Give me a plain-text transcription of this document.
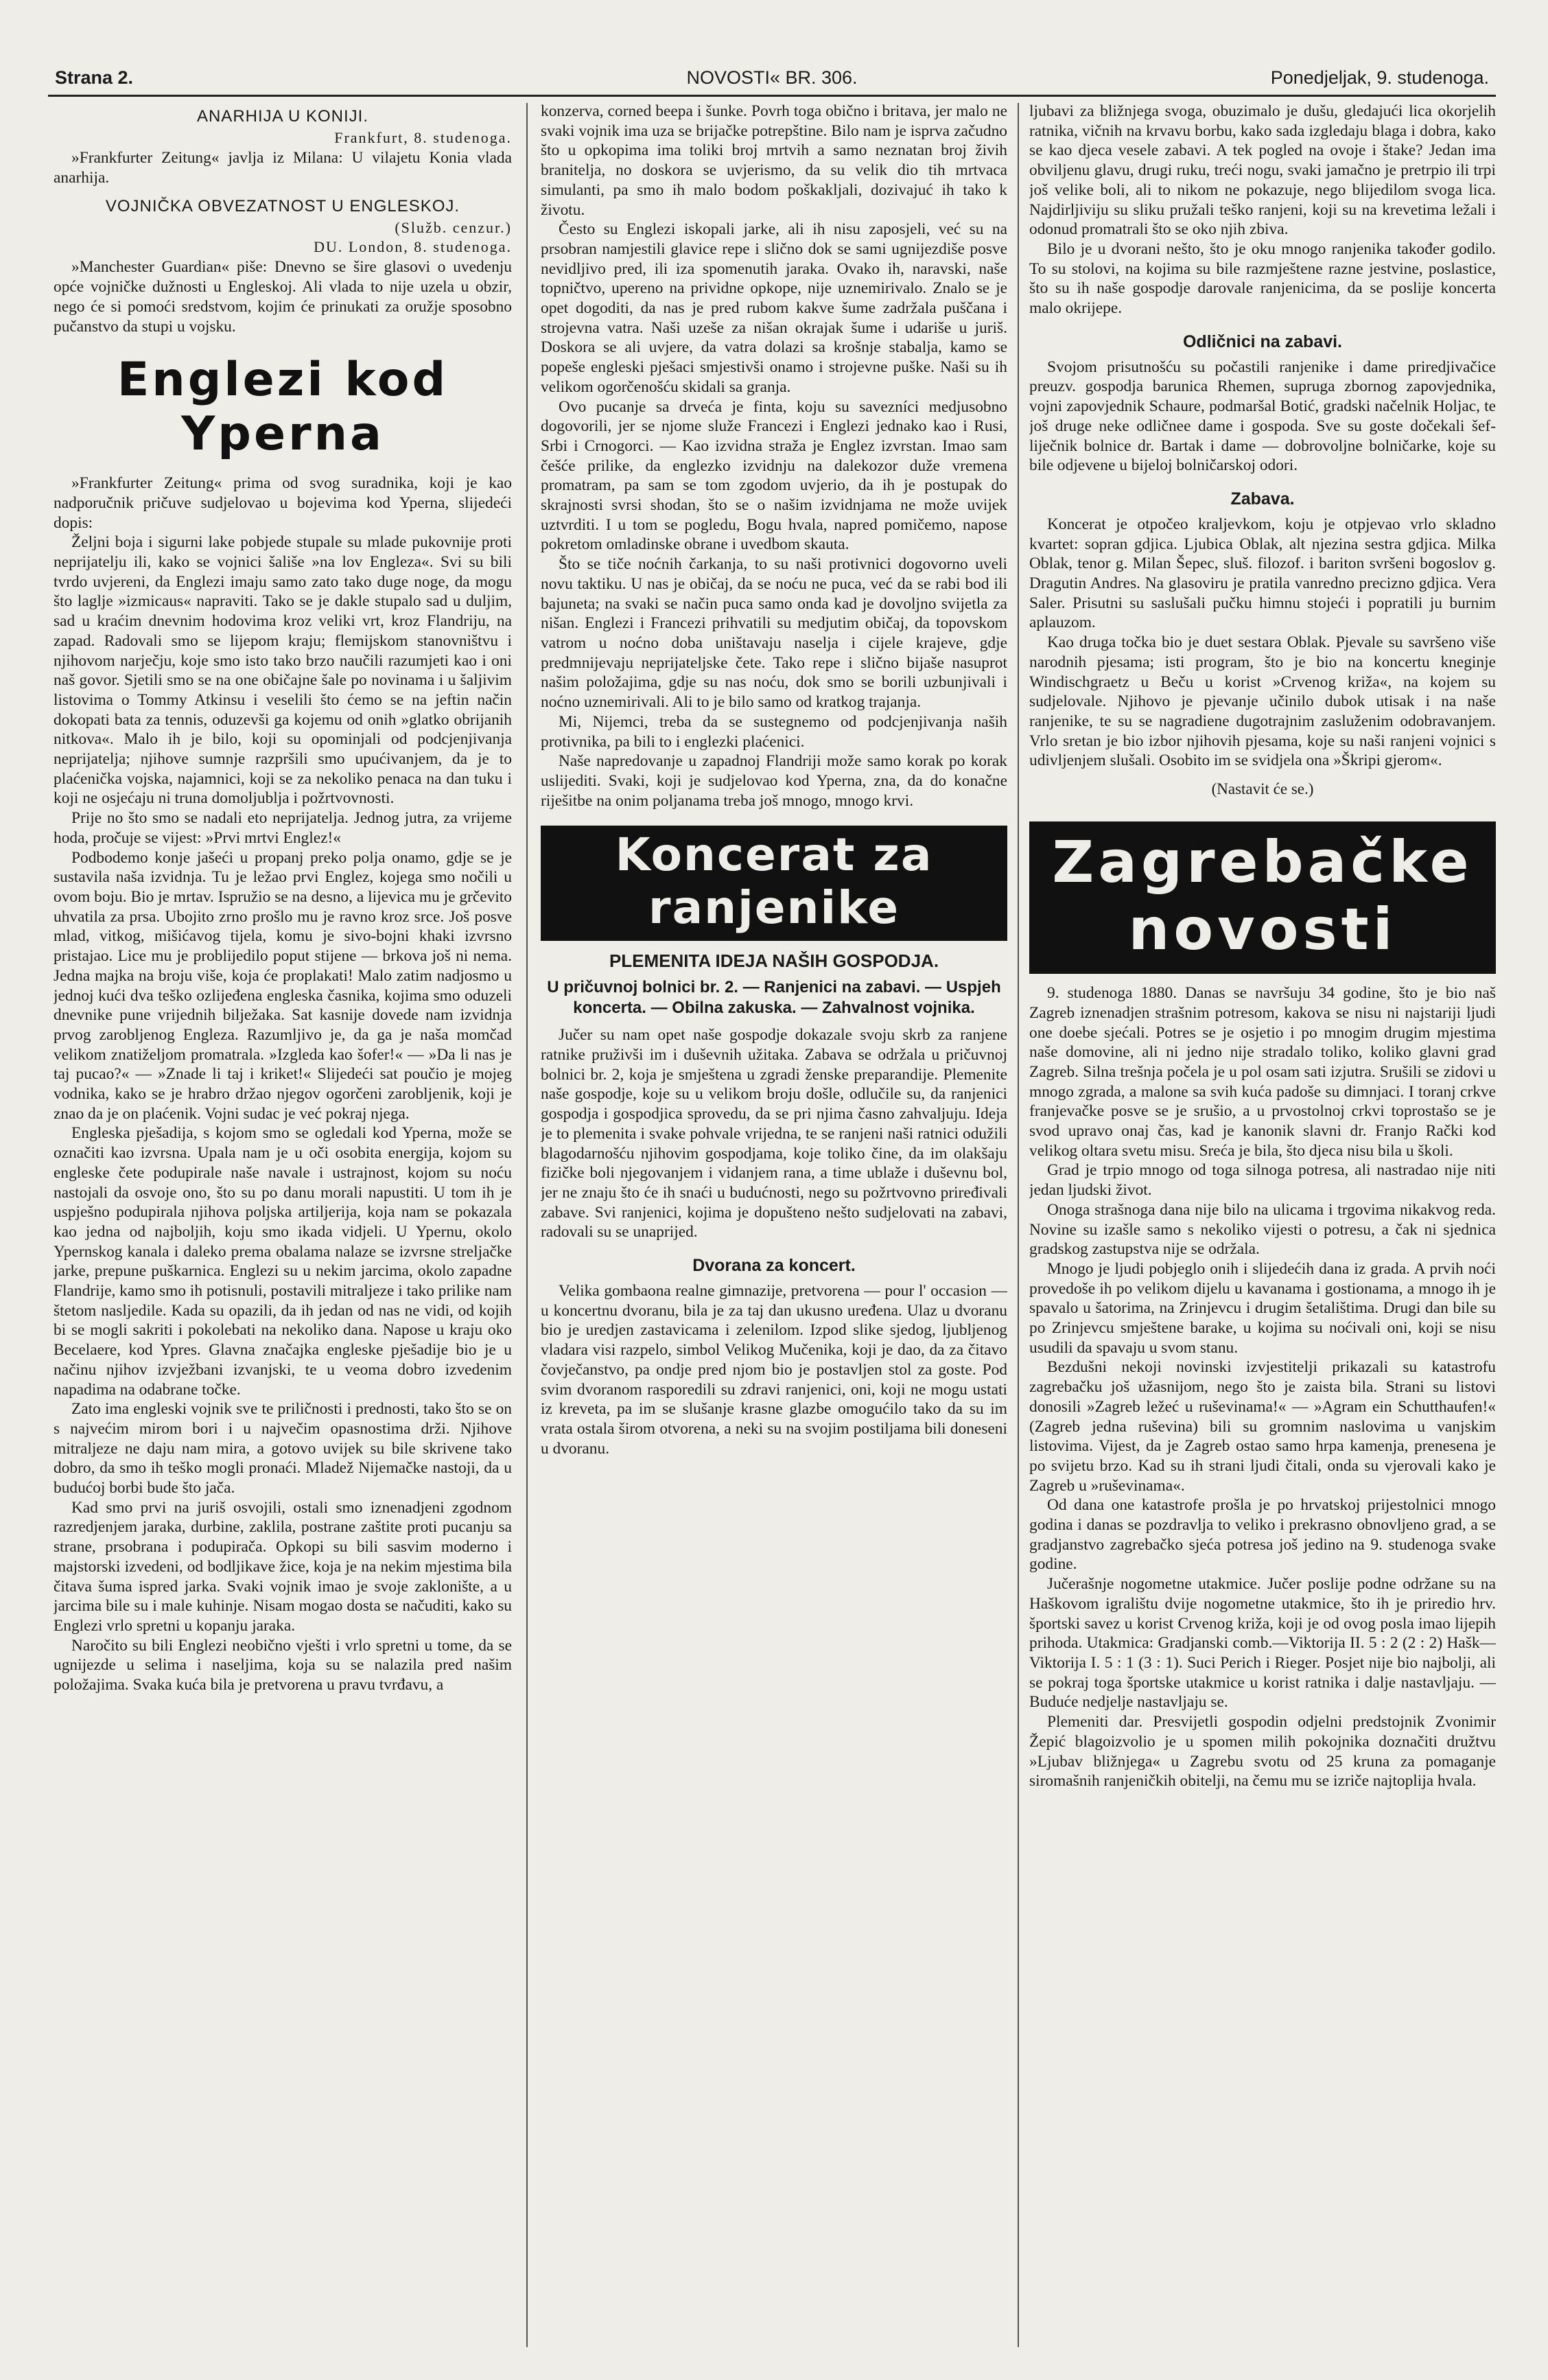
Strana 2.	NOVOSTI« BR. 306.	Ponedjeljak, 9. studenoga.
ANARHIJA U KONIJI.
Frankfurt, 8. studenoga.

»Frankfurter Zeitung« javlja iz Milana: U vilajetu Konia vlada anarhija.

VOJNIČKA OBVEZATNOST U ENGLESKOJ.
(Služb. cenzur.)
DU. London, 8. studenoga.

»Manchester Guardian« piše: Dnevno se šire glasovi o uvedenju opće vojničke dužnosti u Engleskoj. Ali vlada to nije uzela u obzir, nego će si pomoći sredstvom, kojim će prinukati za oružje sposobno pučanstvo da stupi u vojsku.

Englezi kod Yperna

»Frankfurter Zeitung« prima od svog suradnika, koji je kao nadporučnik pričuve sudjelovao u bojevima kod Yperna, slijedeći dopis:

Željni boja i sigurni lake pobjede stupale su mlade pukovnije proti neprijatelju ili, kako se vojnici šališe »na lov Engleza«. Svi su bili tvrdo uvjereni, da Englezi imaju samo zato tako duge noge, da mogu što laglje »izmicaus« napraviti. Tako se je dakle stupalo sad u duljim, sad u kraćim dnevnim hodovima kroz veliki vrt, kroz Flandriju, na zapad. Radovali smo se lijepom kraju; flemijskom stanovništvu i njihovom narječju, koje smo isto tako brzo naučili razumjeti kao i oni naš govor. Sjetili smo se na one običajne šale po novinama i u šaljivim listovima o Tommy Atkinsu i veselili što ćemo se na jeftin način dokopati bata za tennis, oduzevši ga kojemu od onih »glatko obrijanih nitkova«. Malo ih je bilo, koji su opominjali od podcjenjivanja neprijatelja; njihove sumnje razpršili smo upućivanjem, da je to plaćenička vojska, najamnici, koji se za nekoliko penaca na dan tuku i koji ne osjećaju ni truna domoljublja i požrtvovnosti.

Prije no što smo se nadali eto neprijatelja. Jednog jutra, za vrijeme hoda, pročuje se vijest: »Prvi mrtvi Englez!«

Podbodemo konje jašeći u propanj preko polja onamo, gdje se je sustavila naša izvidnja. Tu je ležao prvi Englez, kojega smo nočili u ovom boju. Bio je mrtav. Ispružio se na desno, a lijevica mu je grčevito uhvatila za prsa. Ubojito zrno prošlo mu je ravno kroz srce. Još posve mlad, vitkog, mišićavog tijela, komu je sivo-bojni khaki izvrsno pristajao. Lice mu je problijedilo poput stijene — brkova još ni nema. Jedna majka na broju više, koja će proplakati! Malo zatim nadjosmo u jednoj kući dva teško ozlijeđena engleska časnika, kojima smo oduzeli dnevnike pune vrijednih bilježaka. Sat kasnije dovede nam izvidnja prvog zarobljenog Engleza. Razumljivo je, da ga je naša momčad velikom znatiželjom promatrala. »Izgleda kao šofer!« — »Da li nas je taj pucao?« — »Znade li taj i kriket!« Slijedeći sat poučio je mojeg vodnika, kako se je hrabro držao njegov ogorčeni zarobljenik, koji je znao da je on plaćenik. Vojni sudac je već pokraj njega.

Engleska pješadija, s kojom smo se ogledali kod Yperna, može se označiti kao izvrsna. Upala nam je u oči osobita energija, kojom su engleske čete podupirale naše navale i ustrajnost, kojom su noću nastojali da osvoje ono, što su po danu morali napustiti. U tom ih je uspješno podupirala njihova poljska artiljerija, koja nam se pokazala kao jedna od najboljih, koju smo ikada vidjeli. U Ypernu, okolo Ypernskog kanala i daleko prema obalama nalaze se izvrsne streljačke jarke, prepune puškarnica. Englezi su u nekim jarcima, okolo zapadne Flandrije, kamo smo ih potisnuli, postavili mitraljeze i tako prilike nam štetom nasljedile. Kada su opazili, da ih jedan od nas ne vidi, od kojih bi se mogli sakriti i pokolebati na nekoliko dana. Napose u kraju oko Becelaere, kod Ypres. Glavna značajka engleske pješadije bio je u načinu njihov izvježbani izvanjski, te u veoma dobro izvedenim napadima na odabrane točke.

Zato ima engleski vojnik sve te priličnosti i prednosti, tako što se on s najvećim mirom bori i u največim opasnostima drži. Njihove mitraljeze ne daju nam mira, a gotovo uvijek su bile skrivene tako dobro, da smo ih teško mogli pronaći. Mladež Nijemačke nastoji, da u budućoj borbi bude što jača.

Kad smo prvi na juriš osvojili, ostali smo iznenadjeni zgodnom razredjenjem jaraka, durbine, zaklila, postrane zaštite proti pucanju sa strane, prsobrana i podupirača. Opkopi su bili sasvim moderno i majstorski izvedeni, od bodljikave žice, koja je na nekim mjestima bila čitava šuma ispred jarka. Svaki vojnik imao je svoje zaklonište, a u jarcima bile su i male kuhinje. Nisam mogao dosta se načuditi, kako su Englezi vrlo spretni u kopanju jaraka.

Naročito su bili Englezi neobično vješti i vrlo spretni u tome, da se ugnijezde u selima i naseljima, koja su se nalazila pred našim položajima. Svaka kuća bila je pretvorena u pravu tvrđavu, a

konzerva, corned beepa i šunke. Povrh toga obično i britava, jer malo ne svaki vojnik ima uza se brijačke potrepštine. Bilo nam je isprva začudno što u opkopima ima toliki broj mrtvih a samo neznatan broj živih branitelja, no doskora se uvjerismo, da su velik dio tih mrtvaca simulanti, pa smo ih malo bodom poškakljali, dozivajuć ih tako k životu.

Često su Englezi iskopali jarke, ali ih nisu zaposjeli, već su na prsobran namjestili glavice repe i slično dok se sami ugnijezdiše posve nevidljivo pred, ili iza spomenutih jaraka. Ovako ih, naravski, naše topničtvo, upereno na prividne opkope, nije uznemirivalo. Znalo se je opet dogoditi, da nas je pred rubom kakve šume zadržala puščana i strojevna vatra. Naši uzeše za nišan okrajak šume i udariše u juriš. Doskora se ali uvjere, da vatra dolazi sa krošnje stabalja, kamo se popeše engleski pješaci smjestivši onamo i strojevne puške. Naši su ih velikom ogorčenošću skidali sa granja.

Ovo pucanje sa drveća je finta, koju su savezníci medjusobno dogovorili, jer se njome služe Francezi i Englezi jednako kao i Rusi, Srbi i Crnogorci. — Kao izvidna straža je Englez izvrstan. Imao sam češće prilike, da englezko izvidnju na dalekozor duže vremena promatram, pa sam se tom zgodom uvjerio, da ih je postupak do skrajnosti svrsi shodan, što se o našim izvidnjama ne može uvijek uztvrditi. I u tom se pogledu, Bogu hvala, napred pomičemo, napose pokretom omladinske obrane i uvedbom skauta.

Što se tiče noćnih čarkanja, to su naši protivnici dogovorno uveli novu taktiku. U nas je običaj, da se noću ne puca, već da se rabi bod ili bajuneta; na svaki se način puca samo onda kad je dovoljno svijetla za nišan. Englezi i Francezi prihvatili su medjutim običaj, da topovskom vatrom u noćno doba uništavaju naselja i cijele krajeve, gdje predmnijevaju neprijateljske čete. Tako repe i slično bijaše nasuprot našim položajima, gdje su nas noću, dok smo se borili uzbunjivali i noćno uznemirivali. Ali to je bilo samo od kratkog trajanja.

Mi, Nijemci, treba da se sustegnemo od podcjenjivanja naših protivnika, pa bili to i englezki plaćenici.

Naše napredovanje u zapadnoj Flandriji može samo korak po korak uslijediti. Svaki, koji je sudjelovao kod Yperna, zna, da do konačne riješitbe na onim poljanama treba još mnogo, mnogo krvi.

Koncerat za ranjenike
PLEMENITA IDEJA NAŠIH GOSPODJA.
U pričuvnoj bolnici br. 2. — Ranjenici na zabavi. — Uspjeh koncerta. — Obilna zakuska. — Zahvalnost vojnika.

Jučer su nam opet naše gospodje dokazale svoju skrb za ranjene ratnike pruživši im i duševnih užitaka. Zabava se održala u pričuvnoj bolnici br. 2, koja je smještena u zgradi ženske preparandije. Plemenite naše gospodje, koje su u velikom broju došle, odlučile su, da ranjenici gospodja i gospodjica sprovedu, da se pri njima časno zahvaljuju. Ideja je to plemenita i svake pohvale vrijedna, te se ranjeni naši ratnici odužili blagodarnošću njihovim gospodjama, koje toliko čine, da im olakšaju fizičke boli njegovanjem i vidanjem rana, a time ublaže i duševnu bol, jer ne znaju što će ih snaći u budućnosti, nego su požrtvovno priređivali zabave. Svi ranjenici, kojima je dopušteno nešto sudjelovati na zabavi, radovali su se unaprijed.

Dvorana za koncert.

Velika gombaona realne gimnazije, pretvorena — pour l' occasion — u koncertnu dvoranu, bila je za taj dan ukusno uređena. Ulaz u dvoranu bio je uredjen zastavicama i zelenilom. Izpod slike sjedog, ljubljenog vladara visi razpelo, simbol Velikog Mučenika, koji je dao, da za čitavo čovječanstvo, pa ondje pred njom bio je postavljen stol za goste. Pod svim dvoranom rasporedili su zdravi ranjenici, oni, koji ne mogu ustati iz kreveta, pa im se slušanje krasne glazbe omogućilo tako da su im vrata ostala širom otvorena, a neki su na svojim postiljama bili doneseni u dvoranu.

ljubavi za bližnjega svoga, obuzimalo je dušu, gledajući lica okorjelih ratnika, vičnih na krvavu borbu, kako sada izgledaju blaga i dobra, kako se kao djeca vesele zabavi. A tek pogled na ovoje i štake? Jedan ima obviljenu glavu, drugi ruku, treći nogu, svaki jamačno je pretrpio ili trpi još velike boli, ali to nikom ne pokazuje, nego blijedilom svoga lica. Najdirljiviju su sliku pružali teško ranjeni, koji su na krevetima ležali i odonud promatrali što se oko njih zbiva.

Bilo je u dvorani nešto, što je oku mnogo ranjenika također godilo. To su stolovi, na kojima su bile razmještene razne jestvine, poslastice, što su ih naše gospodje darovale ranjenicima, da se poslije koncerta malo okrijepe.

Odličnici na zabavi.

Svojom prisutnošću su počastili ranjenike i dame priredjivačice preuzv. gospodja barunica Rhemen, supruga zbornog zapovjednika, vojni zapovjednik Schaure, podmaršal Botić, gradski načelnik Holjac, te još druge neke odličnee dame i gospoda. Sve su goste dočekali šef-liječnik bolnice dr. Bartak i dame — dobrovoljne bolničarke, koje su bile odjevene u bijeloj bolničarskoj odori.

Zabava.

Koncerat je otpočeo kraljevkom, koju je otpjevao vrlo skladno kvartet: sopran gdjica. Ljubica Oblak, alt njezina sestra gdjica. Milka Oblak, tenor g. Milan Šepec, sluš. filozof. i bariton svršeni bogoslov g. Dragutin Andres. Na glasoviru je pratila vanredno precizno gdjica. Vera Saler. Prisutni su saslušali pučku himnu stojeći i popratili ju burnim aplauzom.

Kao druga točka bio je duet sestara Oblak. Pjevale su savršeno više narodnih pjesama; isti program, što je bio na koncertu kneginje Windischgraetz u Beču u korist »Crvenog križa«, na kojem su sudjelovale. Njihovo je pjevanje učinilo dubok utisak i na naše ranjenike, te su se nagradiene dugotrajnim zasluženim odobravanjem. Vrlo sretan je bio izbor njihovih pjesama, koje su naši ranjeni vojnici s udivljenjem slušali. Osobito im se svidjela ona »Škripi gjerom«.

(Nastavit će se.)
Zagrebačke novosti

9. studenoga 1880. Danas se navršuju 34 godine, što je bio naš Zagreb iznenadjen strašnim potresom, kakova se nisu ni najstariji ljudi one doebe sjećali. Potres se je osjetio i po mnogim drugim mjestima naše domovine, ali ni jedno nije stradalo toliko, koliko glavni grad Zagreb. Silna trešnja počela je u pol osam sati izjutra. Srušili se zidovi u mnogo zgrada, a malone sa svih kuća padoše su dimnjaci. I toranj crkve franjevačke posve se je srušio, a u prvostolnoj crkvi toprostašo se je svod upravo onaj čas, kad je kanonik slavni dr. Franjo Rački kod velikog oltara svetu misu. Sreća je bila, što djeca nisu bila u školi.

Grad je trpio mnogo od toga silnoga potresa, ali nastradao nije niti jedan ljudski život.

Onoga strašnoga dana nije bilo na ulicama i trgovima nikakvog reda. Novine su izašle samo s nekoliko vijesti o potresu, a čak ni sjednica gradskog zastupstva nije se održala.

Mnogo je ljudi pobjeglo onih i slijedećih dana iz grada. A prvih noći provedoše ih po velikom dijelu u kavanama i gostionama, a mnogo ih je spavalo u šatorima, na Zrinjevcu i drugim šetalištima. Drugi dan bile su po Zrinjevcu smještene barake, u kojima su noćivali oni, koji se nisu usudili da spavaju u svom stanu.

Bezdušni nekoji novinski izvjestitelji prikazali su katastrofu zagrebačku još užasnijom, nego što je zaista bila. Strani su listovi donosili »Zagreb ležeć u ruševinama!« — »Agram ein Schutthaufen!« (Zagreb jedna ruševina) bili su gromnim naslovima u vanjskim listovima. Vijest, da je Zagreb ostao samo hrpa kamenja, prenesena je po svijetu brzo. Kad su ih strani ljudi čitali, onda su vjerovali kako je Zagreb u »ruševinama«.

Od dana one katastrofe prošla je po hrvatskoj prijestolnici mnogo godina i danas se pozdravlja to veliko i prekrasno obnovljeno grad, a se gradjanstvo zagrebačko sjeća potresa još jedino na 9. studenoga svake godine.

Jučerašnje nogometne utakmice. Jučer poslije podne održane su na Haškovom igralištu dvije nogometne utakmice, što ih je priredio hrv. športski savez u korist Crvenog križa, koji je od ovog posla imao lijepih prihoda. Utakmica: Gradjanski comb.—Viktorija II. 5 : 2 (2 : 2) Hašk—Viktorija I. 5 : 1 (3 : 1). Suci Perich i Rieger. Posjet nije bio najbolji, ali se pokraj toga športske utakmice u korist ratnika i dalje nastavljaju. — Buduće nedjelje nastavljaju se.

Plemeniti dar. Presvijetli gospodin odjelni predstojnik Zvonimir Žepić blagoizvolio je u spomen milih pokojnika doznačiti družtvu »Ljubav bližnjega« u Zagrebu svotu od 25 kruna za pomaganje siromašnih ranjeničkih obitelji, na čemu mu se izriče najtoplija hvala.
